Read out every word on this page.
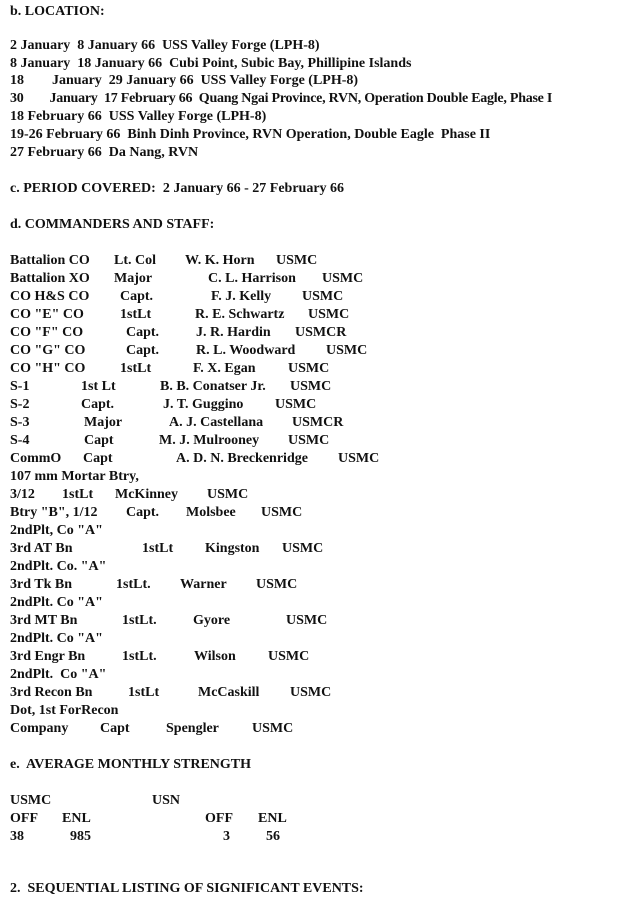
b. LOCATION:
2 January  8 January 66  USS Valley Forge (LPH-8)
8 January  18 January 66  Cubi Point, Subic Bay, Phillipine Islands
18        January  29 January 66  USS Valley Forge (LPH-8)
30        January  17 February 66  Quang Ngai Province, RVN, Operation Double Eagle, Phase I
18 February 66  USS Valley Forge (LPH-8)
19-26 February 66  Binh Dinh Province, RVN Operation, Double Eagle  Phase II
27 February 66  Da Nang, RVN
c. PERIOD COVERED:  2 January 66 - 27 February 66
d. COMMANDERS AND STAFF:
Battalion CO Lt. Col W. K. Horn USMC
Battalion XO Major	C. L. Harrison USMC
CO H&S CO Capt.	F. J. Kelly USMC
CO "E" CO	1stLt	R. E. Schwartz USMC
CO "F" CO	Capt.	J. R. Hardin USMCR
CO "G" CO	Capt.	R. L. Woodward USMC
CO "H" CO 1stLt	F. X. Egan USMC
S-1	1st Lt	B. B. Conatser Jr. USMC
S-2	Capt.	J. T. Guggino USMC
S-3	Major	A. J. Castellana USMCR
S-4	Capt	M. J. Mulrooney USMC
CommO Capt	A. D. N. Breckenridge USMC
107 mm Mortar Btry,
3/12 1stLt McKinney USMC
Btry "B", 1/12 Capt. Molsbee USMC
2ndPlt, Co "A"
3rd AT Bn	1stLt Kingston USMC
2ndPlt. Co. "A"
3rd Tk Bn	1stLt. Warner USMC
2ndPlt. Co "A"
3rd MT Bn	1stLt.	Gyore	USMC
2ndPlt. Co "A"
3rd Engr Bn	1stLt.	Wilson USMC
2ndPlt.  Co "A"
3rd Recon Bn	1stLt	McCaskill USMC
Dot, 1st ForRecon
Company Capt	Spengler USMC
e.  AVERAGE MONTHLY STRENGTH
USMC	USN
OFF ENL	OFF ENL
38	985	3	56
2.  SEQUENTIAL LISTING OF SIGNIFICANT EVENTS:
